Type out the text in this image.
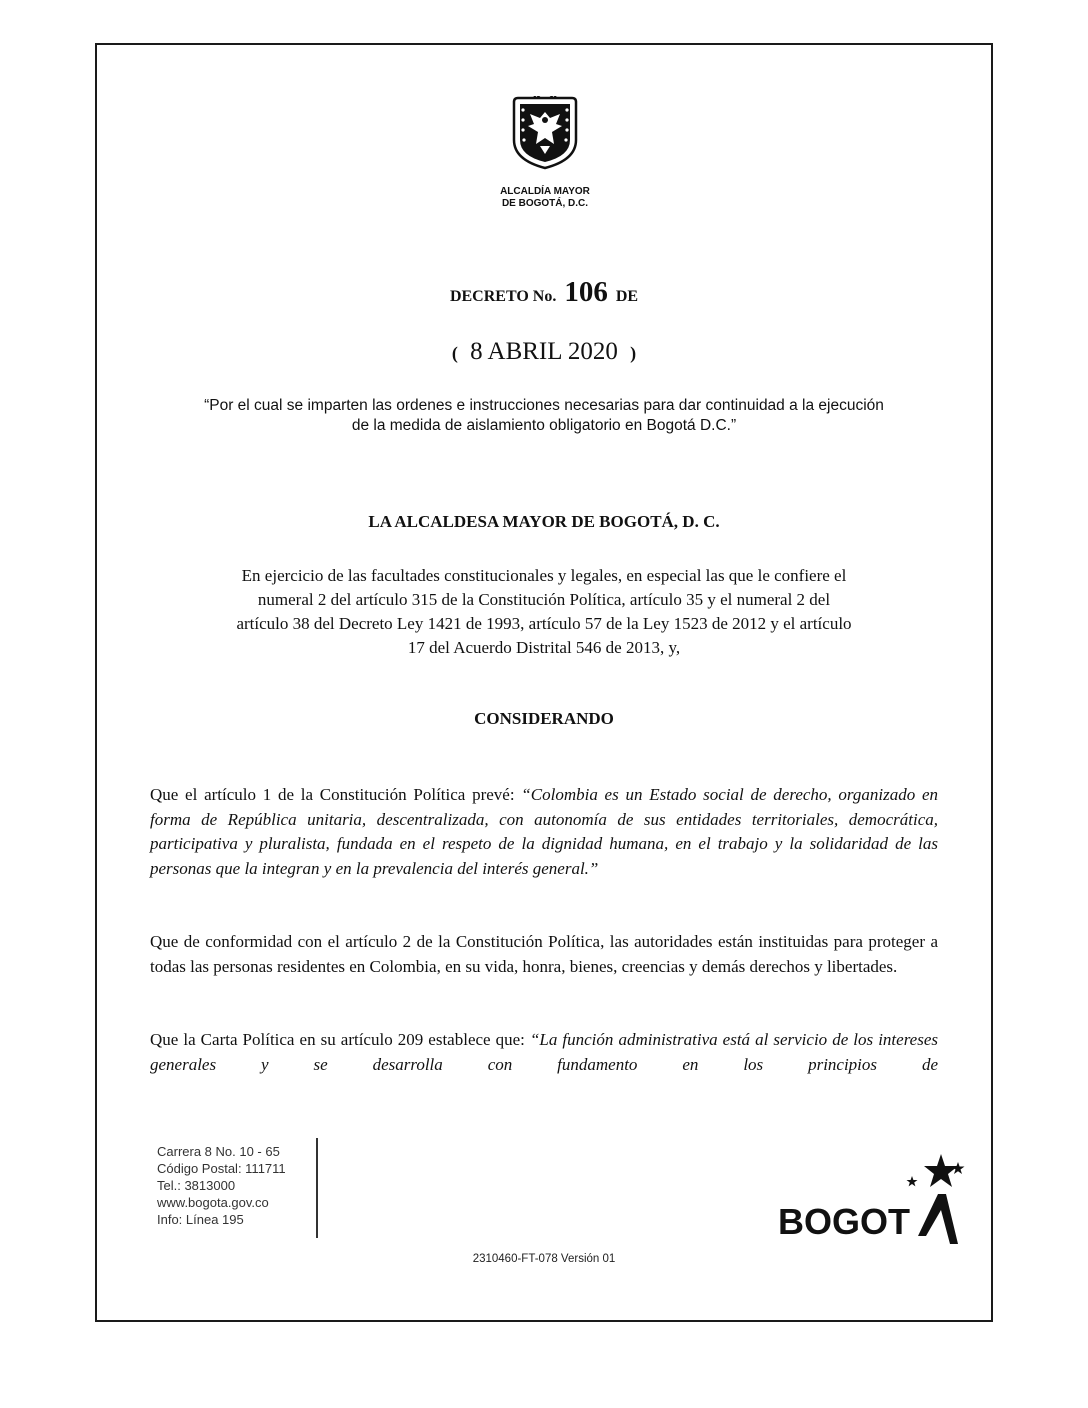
ALCALDÍA MAYOR
DE BOGOTÁ, D.C.
DECRETO No. 106 DE
( 8 ABRIL 2020 )
“Por el cual se imparten las ordenes e instrucciones necesarias para dar continuidad a la ejecución
de la medida de aislamiento obligatorio en Bogotá D.C.”
LA ALCALDESA MAYOR DE BOGOTÁ, D. C.
En ejercicio de las facultades constitucionales y legales, en especial las que le confiere el
numeral 2 del artículo 315 de la Constitución Política, artículo 35 y el numeral 2 del
artículo 38 del Decreto Ley 1421 de 1993, artículo 57 de la Ley 1523 de 2012 y el artículo
17 del Acuerdo Distrital 546 de 2013, y,
CONSIDERANDO
Que el artículo 1 de la Constitución Política prevé: “Colombia es un Estado social de derecho, organizado en forma de República unitaria, descentralizada, con autonomía de sus entidades territoriales, democrática, participativa y pluralista, fundada en el respeto de la dignidad humana, en el trabajo y la solidaridad de las personas que la integran y en la prevalencia del interés general.”
Que de conformidad con el artículo 2 de la Constitución Política, las autoridades están instituidas para proteger a todas las personas residentes en Colombia, en su vida, honra, bienes, creencias y demás derechos y libertades.
Que la Carta Política en su artículo 209 establece que: “La función administrativa está al servicio de los intereses generales y se desarrolla con fundamento en los principios de
Carrera 8 No. 10 - 65
Código Postal: 111711
Tel.: 3813000
www.bogota.gov.co
Info: Línea 195	BOGOT
2310460-FT-078 Versión 01
